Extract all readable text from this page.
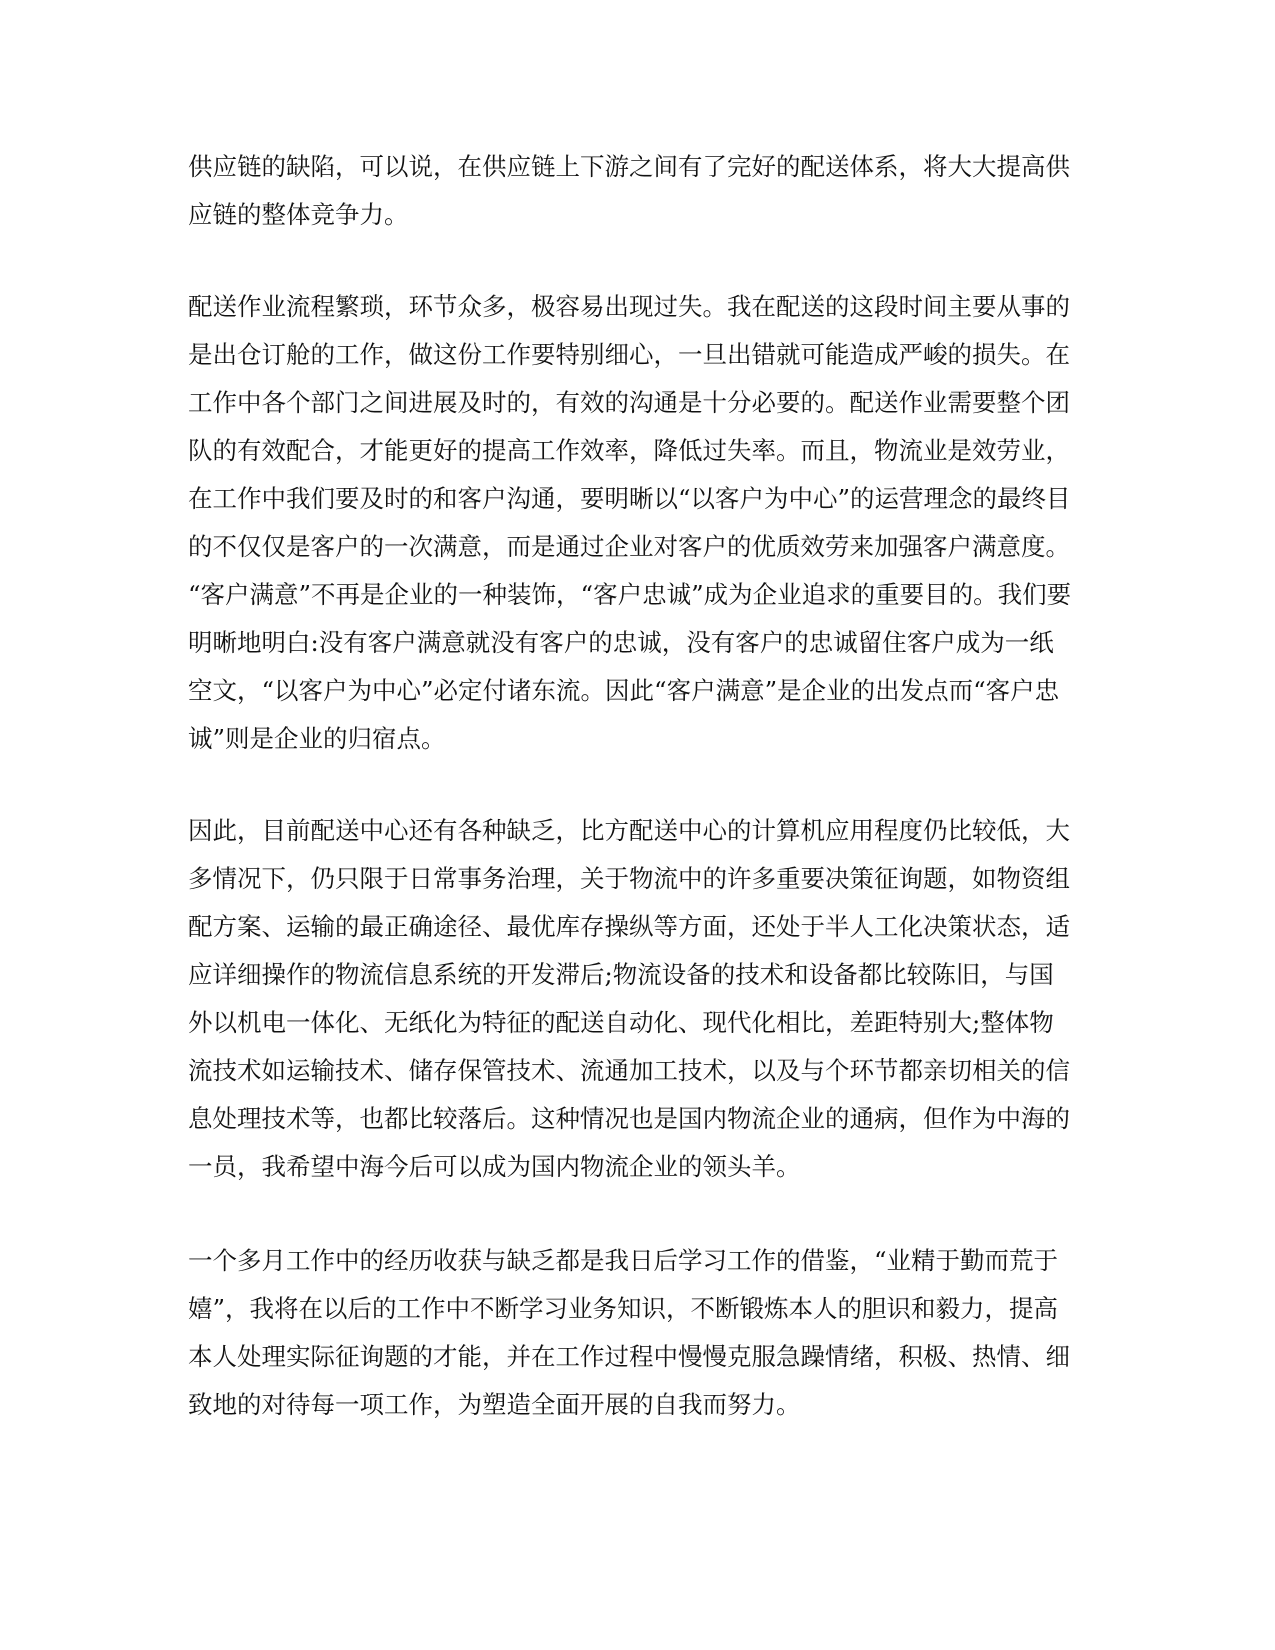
供应链的缺陷，可以说，在供应链上下游之间有了完好的配送体系，将大大提高供
应链的整体竞争力。
配送作业流程繁琐，环节众多，极容易出现过失。我在配送的这段时间主要从事的
是出仓订舱的工作，做这份工作要特别细心，一旦出错就可能造成严峻的损失。在
工作中各个部门之间进展及时的，有效的沟通是十分必要的。配送作业需要整个团
队的有效配合，才能更好的提高工作效率，降低过失率。而且，物流业是效劳业，
在工作中我们要及时的和客户沟通，要明晰以“以客户为中心”的运营理念的最终目
的不仅仅是客户的一次满意，而是通过企业对客户的优质效劳来加强客户满意度。
“客户满意”不再是企业的一种装饰，“客户忠诚”成为企业追求的重要目的。我们要
明晰地明白:没有客户满意就没有客户的忠诚，没有客户的忠诚留住客户成为一纸
空文，“以客户为中心”必定付诸东流。因此“客户满意”是企业的出发点而“客户忠
诚”则是企业的归宿点。
因此，目前配送中心还有各种缺乏，比方配送中心的计算机应用程度仍比较低，大
多情况下，仍只限于日常事务治理，关于物流中的许多重要决策征询题，如物资组
配方案、运输的最正确途径、最优库存操纵等方面，还处于半人工化决策状态，适
应详细操作的物流信息系统的开发滞后;物流设备的技术和设备都比较陈旧，与国
外以机电一体化、无纸化为特征的配送自动化、现代化相比，差距特别大;整体物
流技术如运输技术、储存保管技术、流通加工技术，以及与个环节都亲切相关的信
息处理技术等，也都比较落后。这种情况也是国内物流企业的通病，但作为中海的
一员，我希望中海今后可以成为国内物流企业的领头羊。
一个多月工作中的经历收获与缺乏都是我日后学习工作的借鉴，“业精于勤而荒于
嬉”，我将在以后的工作中不断学习业务知识，不断锻炼本人的胆识和毅力，提高
本人处理实际征询题的才能，并在工作过程中慢慢克服急躁情绪，积极、热情、细
致地的对待每一项工作，为塑造全面开展的自我而努力。
